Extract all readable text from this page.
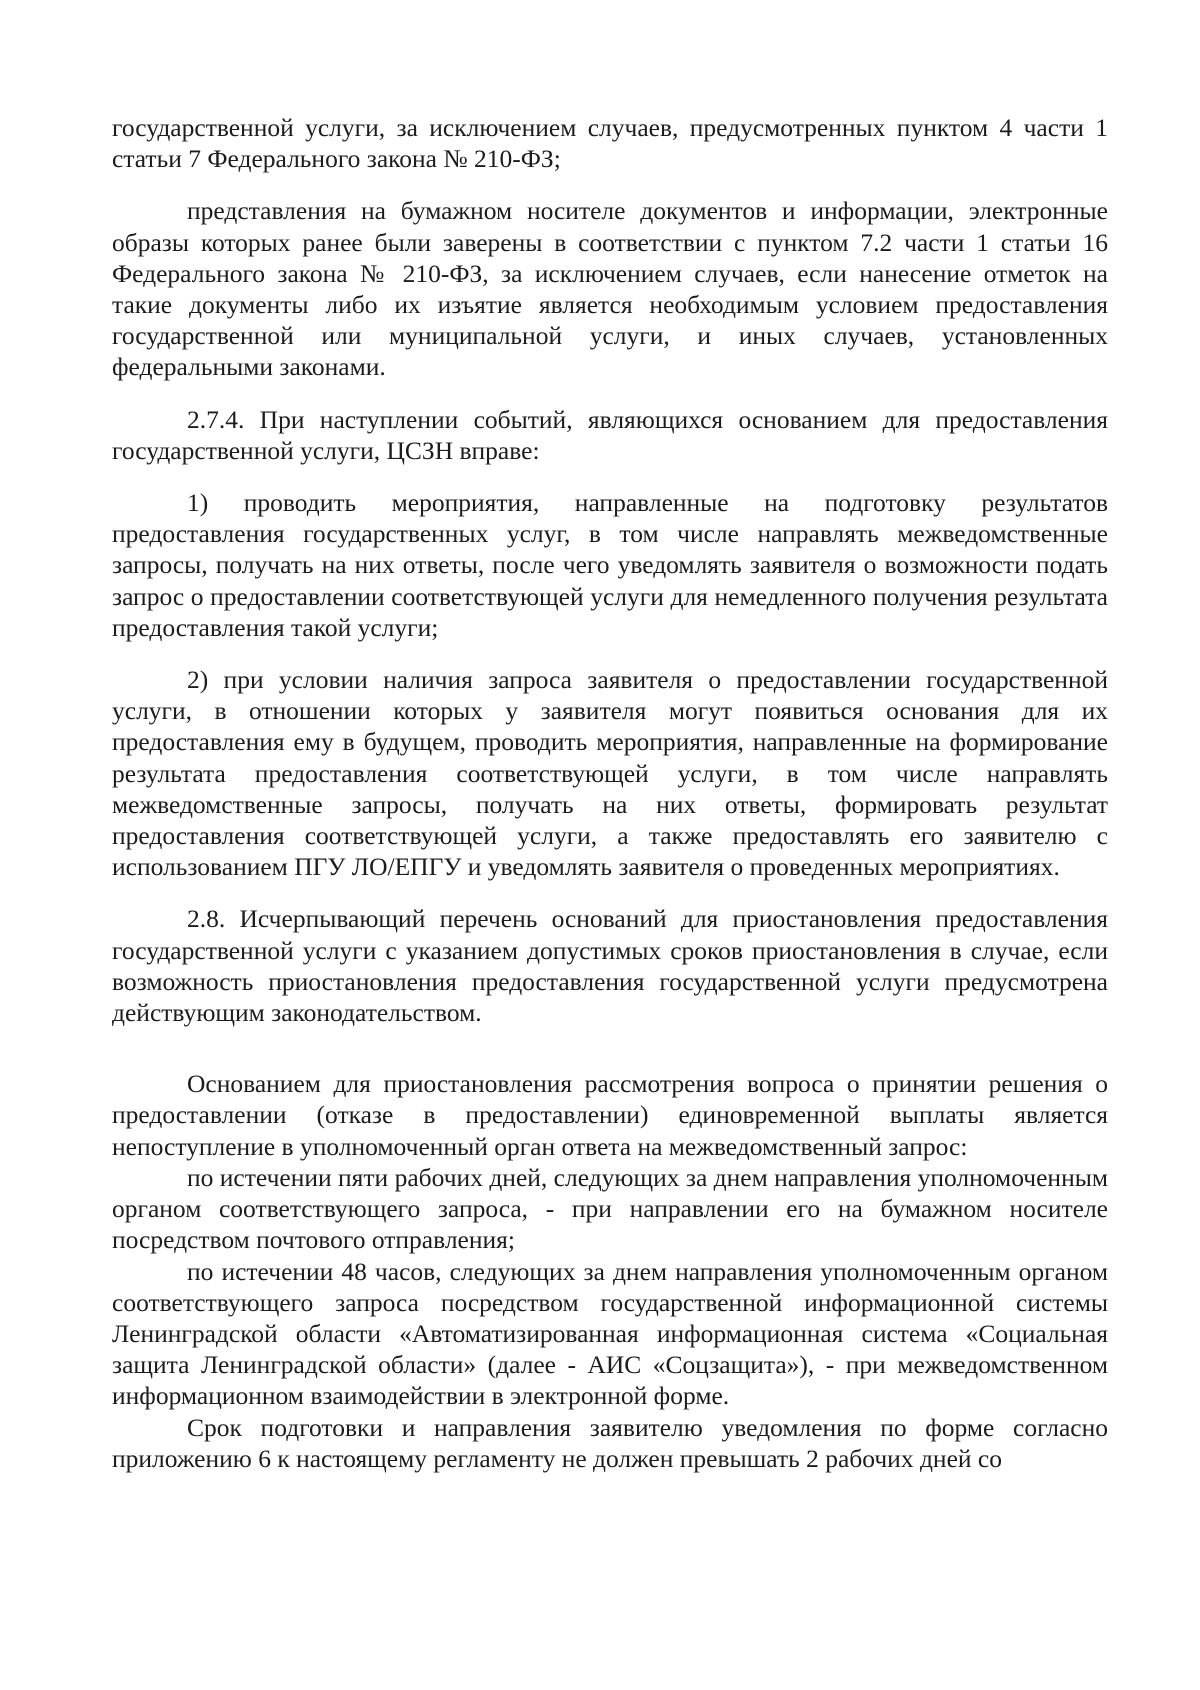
государственной услуги, за исключением случаев, предусмотренных пунктом 4 части 1 статьи 7 Федерального закона № 210-ФЗ;

представления на бумажном носителе документов и информации, электронные образы которых ранее были заверены в соответствии с пунктом 7.2 части 1 статьи 16 Федерального закона № 210-ФЗ, за исключением случаев, если нанесение отметок на такие документы либо их изъятие является необходимым условием предоставления государственной или муниципальной услуги, и иных случаев, установленных федеральными законами.

2.7.4. При наступлении событий, являющихся основанием для предоставления государственной услуги, ЦСЗН вправе:

1) проводить мероприятия, направленные на подготовку результатов предоставления государственных услуг, в том числе направлять межведомственные запросы, получать на них ответы, после чего уведомлять заявителя о возможности подать запрос о предоставлении соответствующей услуги для немедленного получения результата предоставления такой услуги;

2) при условии наличия запроса заявителя о предоставлении государственной услуги, в отношении которых у заявителя могут появиться основания для их предоставления ему в будущем, проводить мероприятия, направленные на формирование результата предоставления соответствующей услуги, в том числе направлять межведомственные запросы, получать на них ответы, формировать результат предоставления соответствующей услуги, а также предоставлять его заявителю с использованием ПГУ ЛО/ЕПГУ и уведомлять заявителя о проведенных мероприятиях.

2.8. Исчерпывающий перечень оснований для приостановления предоставления государственной услуги с указанием допустимых сроков приостановления в случае, если возможность приостановления предоставления государственной услуги предусмотрена действующим законодательством.

Основанием для приостановления рассмотрения вопроса о принятии решения о предоставлении (отказе в предоставлении) единовременной выплаты является непоступление в уполномоченный орган ответа на межведомственный запрос:

по истечении пяти рабочих дней, следующих за днем направления уполномоченным органом соответствующего запроса, - при направлении его на бумажном носителе посредством почтового отправления;

по истечении 48 часов, следующих за днем направления уполномоченным органом соответствующего запроса посредством государственной информационной системы Ленинградской области «Автоматизированная информационная система «Социальная защита Ленинградской области» (далее - АИС «Соцзащита»), - при межведомственном информационном взаимодействии в электронной форме.

Срок подготовки и направления заявителю уведомления по форме согласно приложению 6 к настоящему регламенту не должен превышать 2 рабочих дней со
